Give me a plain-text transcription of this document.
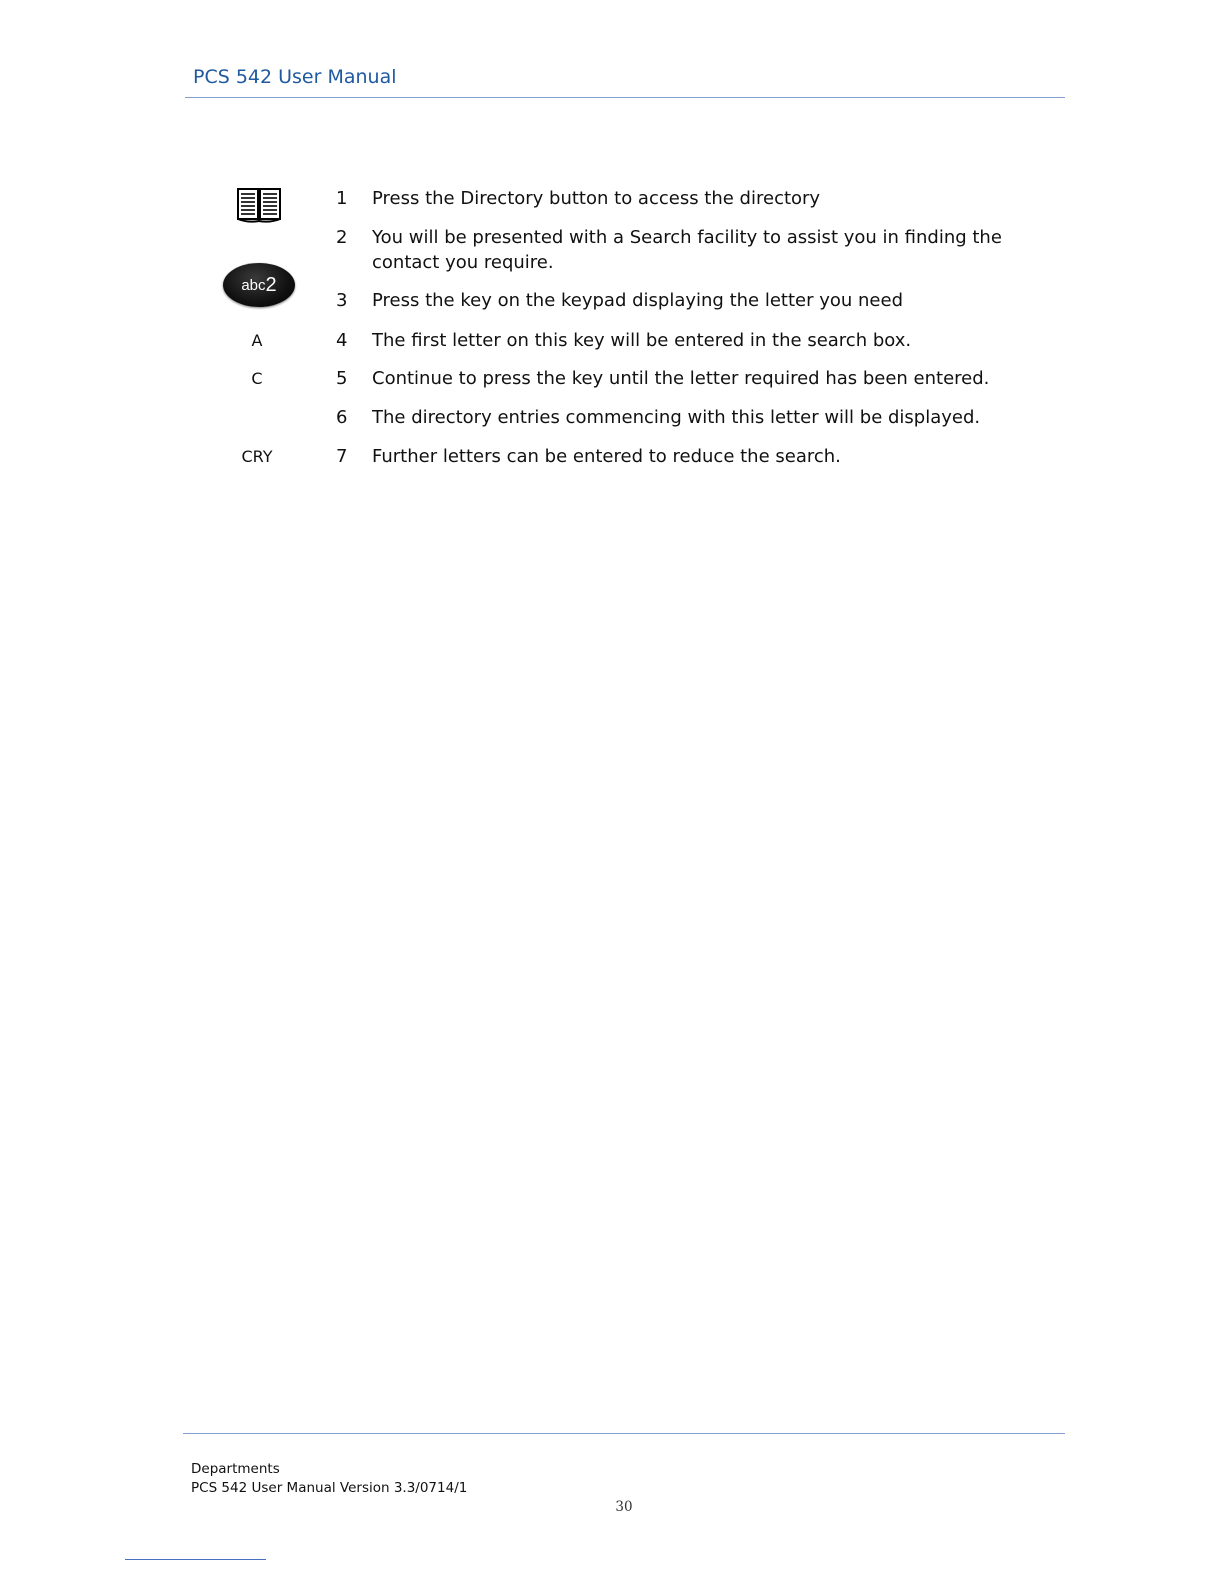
PCS 542 User Manual
abc 2
1	Press the Directory button to access the directory
2	You will be presented with a Search facility to assist you in finding the contact you require.
3	Press the key on the keypad displaying the letter you need
A	4	The first letter on this key will be entered in the search box.
C	5	Continue to press the key until the letter required has been entered.
6	The directory entries commencing with this letter will be displayed.
CRY	7	Further letters can be entered to reduce the search.
Departments
PCS 542 User Manual Version 3.3/0714/1
30
